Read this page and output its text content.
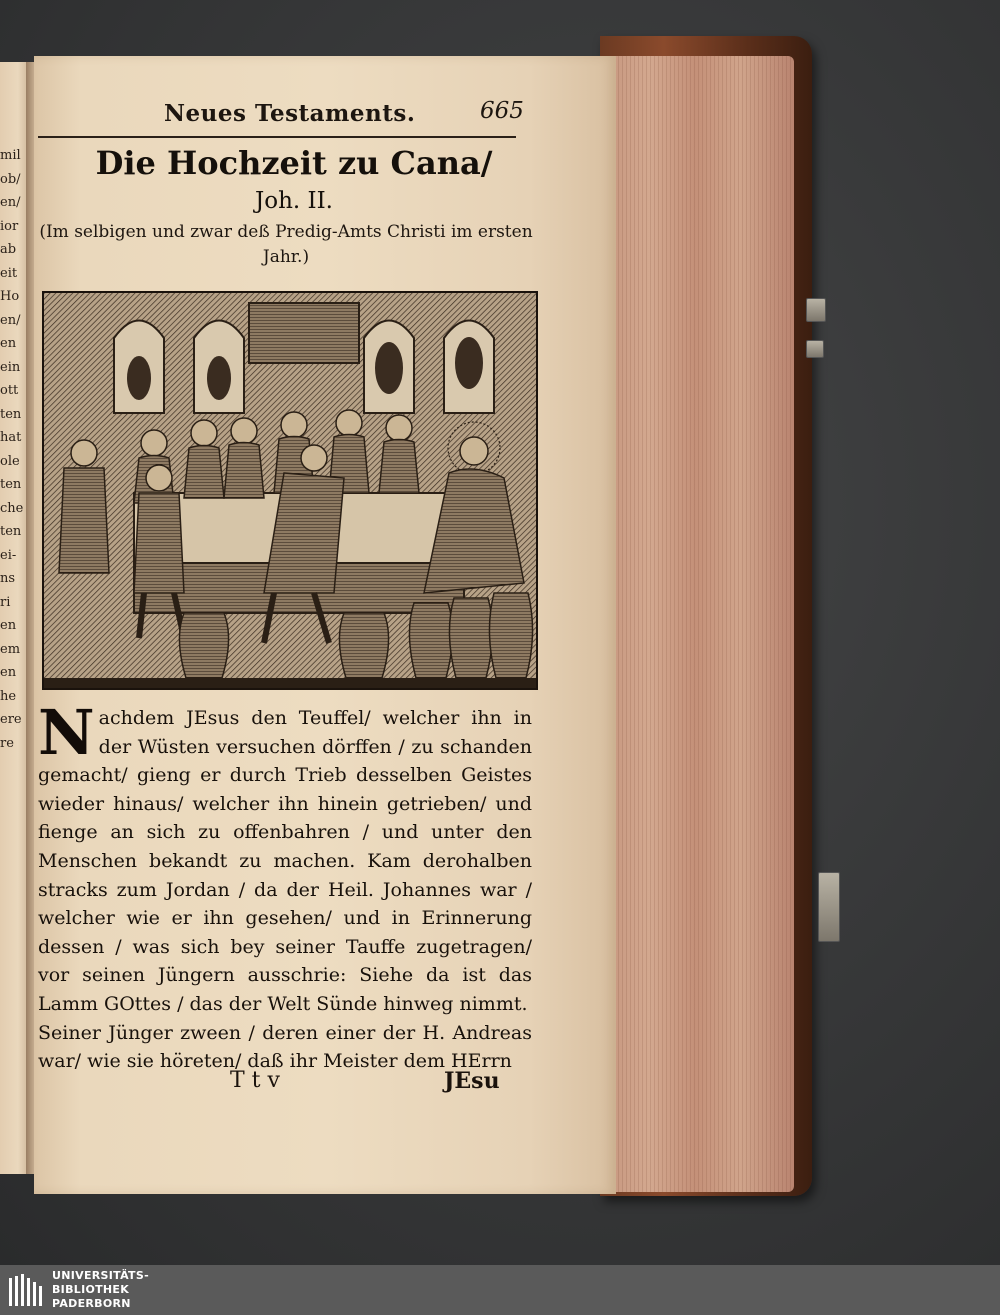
mil
ob/
en/
ior
ab
eit
Ho
en/
en
ein
ott
ten
hat
ole
ten
che
ten
ei-
ns
ri
en
em
en
he
ere
re
Neues Testaments.	665
Die Hochzeit zu Cana/
Joh. II.
(Im selbigen und zwar deß Predig-Amts Christi im ersten Jahr.)

Nachdem JEsus den Teuffel/ welcher ihn in der Wüsten versuchen dörffen / zu schanden gemacht/ gieng er durch Trieb desselben Geistes wieder hinaus/ welcher ihn hinein getrieben/ und fienge an sich zu offenbahren / und unter den Menschen bekandt zu machen. Kam derohalben stracks zum Jordan / da der Heil. Johannes war / welcher wie er ihn gesehen/ und in Erinnerung dessen / was sich bey seiner Tauffe zugetragen/ vor seinen Jüngern ausschrie: Siehe da ist das Lamm GOttes / das der Welt Sünde hinweg nimmt.

Seiner Jünger zween / deren einer der H. Andreas war/ wie sie höreten/ daß ihr Meister dem HErrn

T t v	JEsu
UNIVERSITÄTS-
BIBLIOTHEK
PADERBORN
